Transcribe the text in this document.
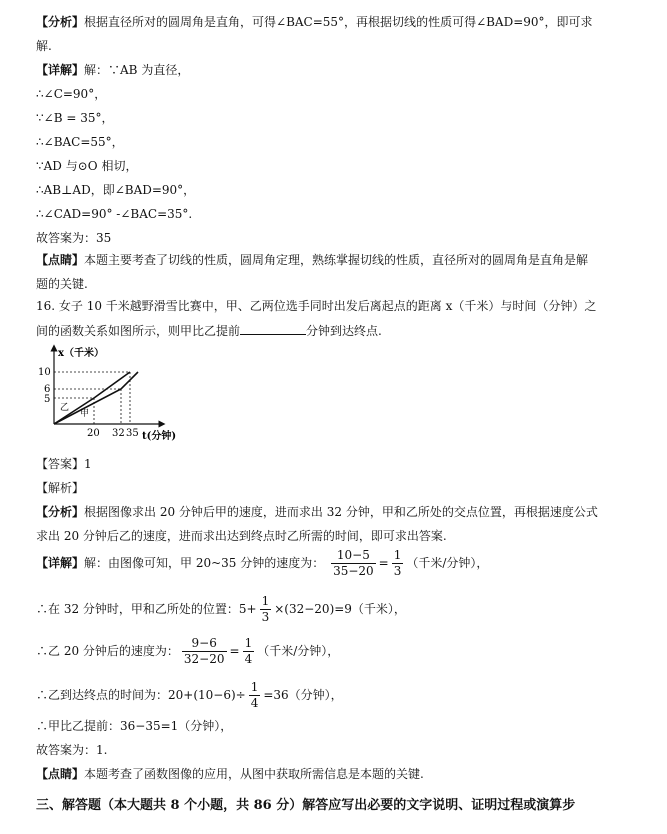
【分析】根据直径所对的圆周角是直角，可得∠BAC=55°，再根据切线的性质可得∠BAD=90°，即可求
解.
【详解】解：∵AB 为直径，
∴∠C=90°，
∵∠B = 35°，
∴∠BAC=55°，
∵AD 与⊙O 相切，
∴AB⊥AD，即∠BAD=90°，
∴∠CAD=90° -∠BAC=35°.
故答案为：35
【点睛】本题主要考查了切线的性质，圆周角定理，熟练掌握切线的性质，直径所对的圆周角是直角是解
题的关键.
16. 女子 10 千米越野滑雪比赛中，甲、乙两位选手同时出发后离起点的距离 x（千米）与时间（分钟）之
间的函数关系如图所示，则甲比乙提前	分钟到达终点.
x（千米）
t(分钟)
10
6
5
20 32 35
乙
甲
【答案】1
【解析】
【分析】根据图像求出 20 分钟后甲的速度，进而求出 32 分钟，甲和乙所处的交点位置，再根据速度公式
求出 20 分钟后乙的速度，进而求出达到终点时乙所需的时间，即可求出答案.
【详解】解：由图像可知，甲 20~35 分钟的速度为： $\frac{10-5}{35-20} = \frac{1}{3}$ （千米/分钟），
∴在 32 分钟时，甲和乙所处的位置：$5+ \frac{1}{3} \times(32-20)=9$（千米），
∴乙 20 分钟后的速度为： $\frac{9-6}{32-20} = \frac{1}{4}$ （千米/分钟），
∴乙到达终点的时间为：$20+(10-6)\div \frac{1}{4} =36$（分钟），
∴甲比乙提前：36−35=1（分钟），
故答案为：1.
【点睛】本题考查了函数图像的应用，从图中获取所需信息是本题的关键.
三、解答题（本大题共 8 个小题，共 86 分）解答应写出必要的文字说明、证明过程或演算步
